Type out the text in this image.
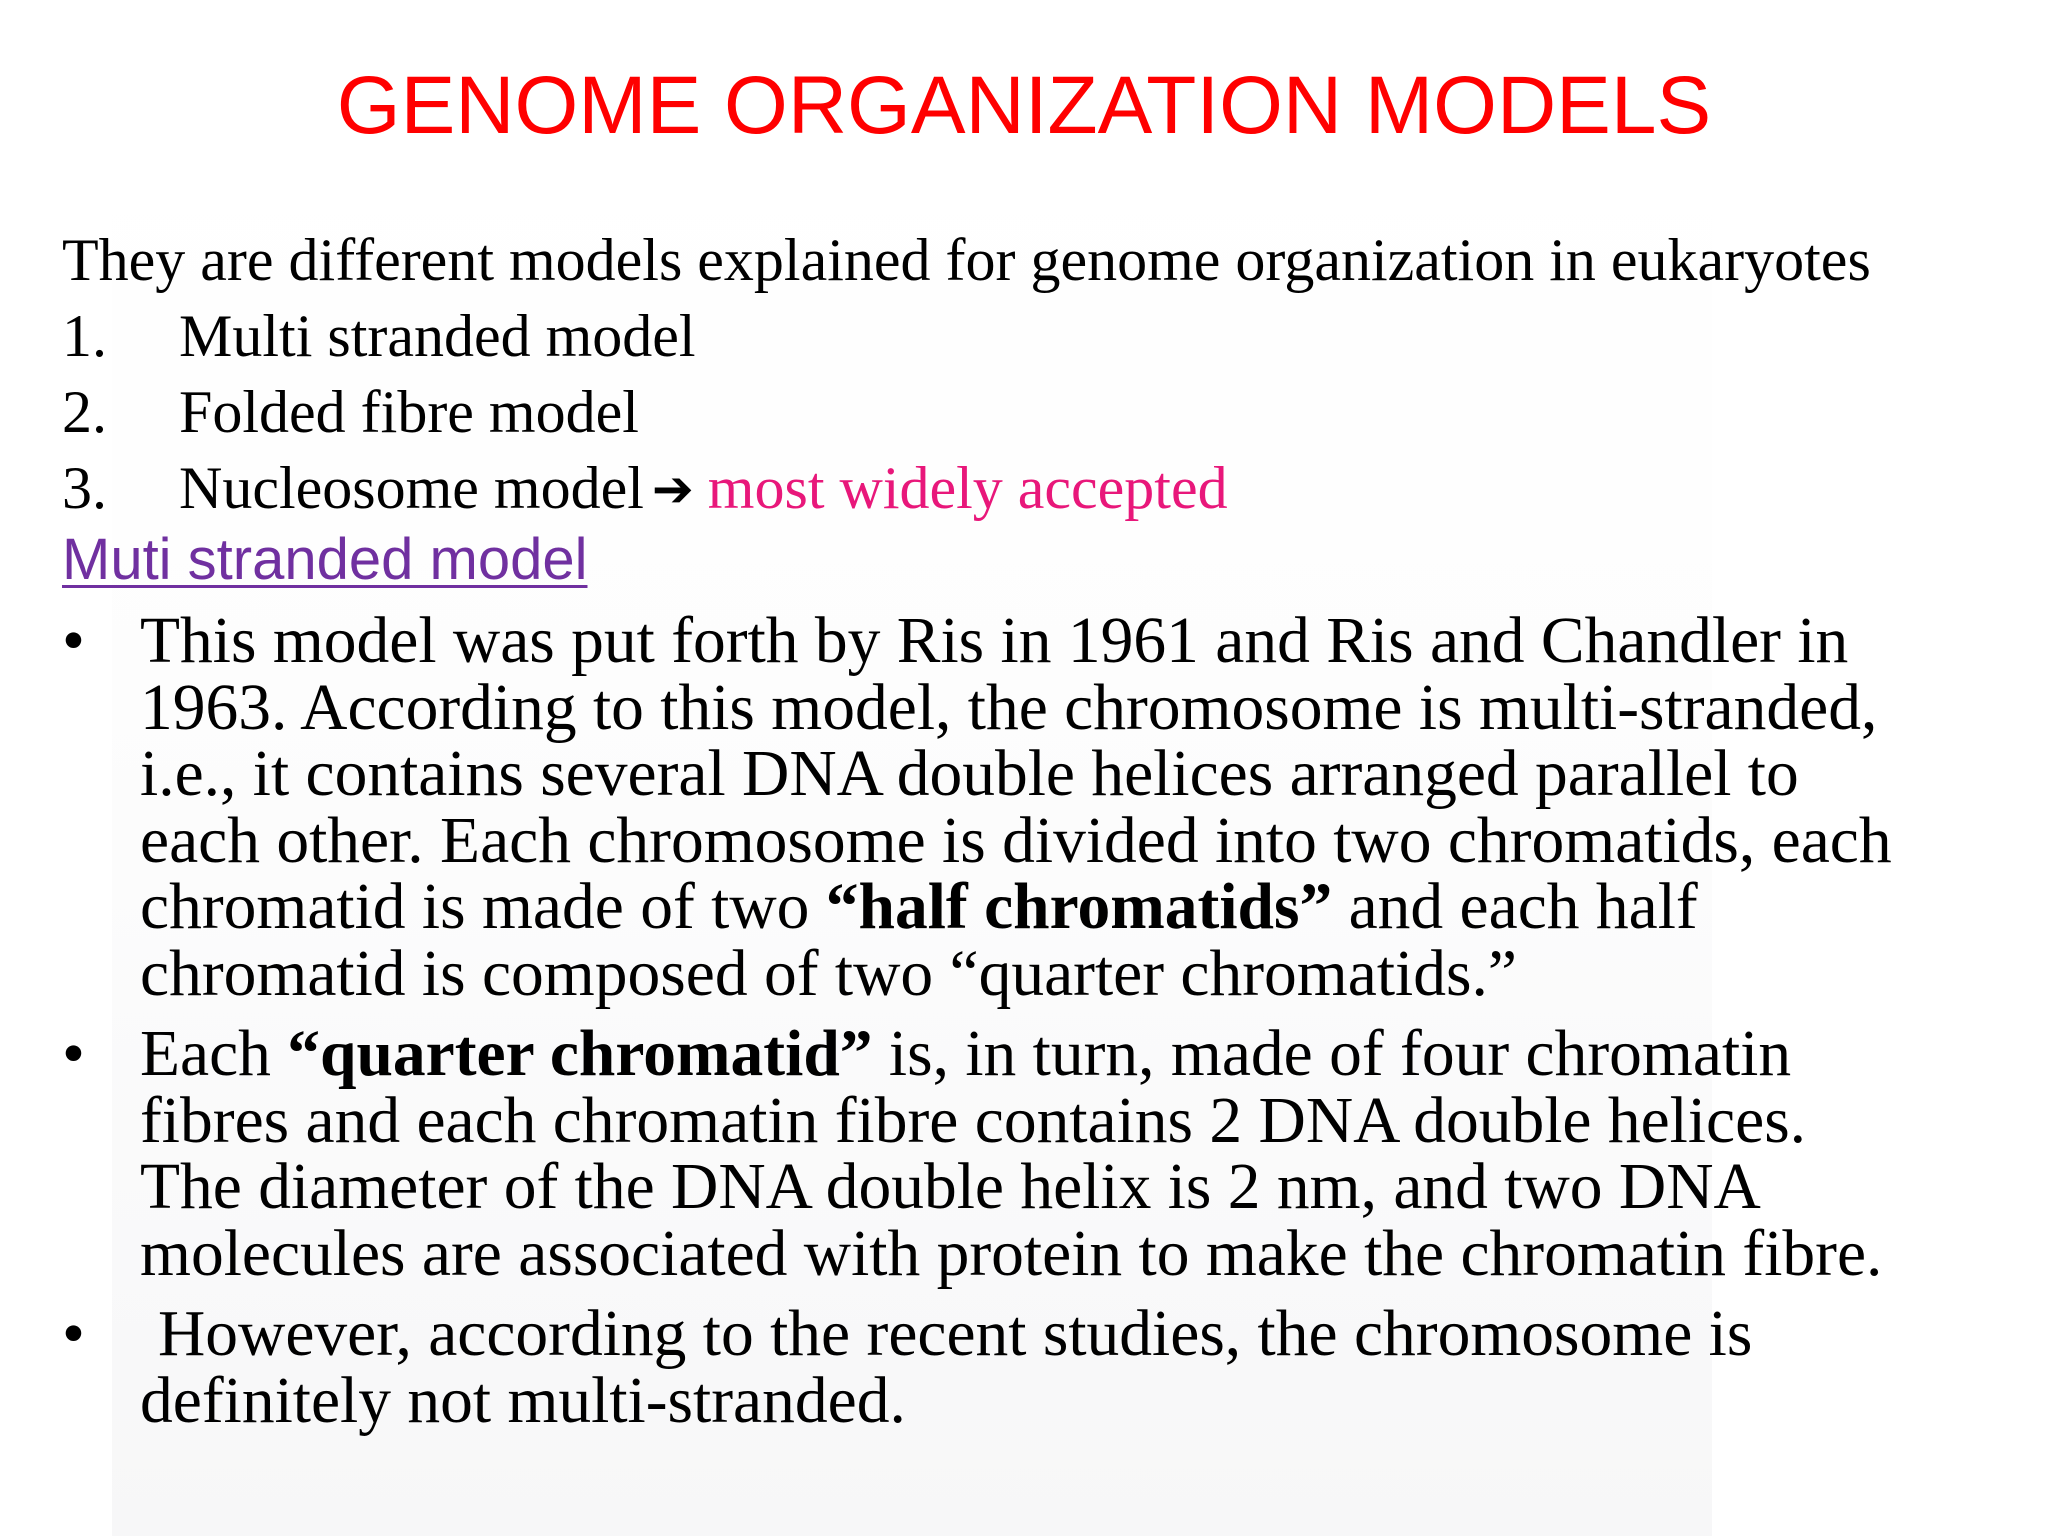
GENOME ORGANIZATION MODELS
They are different models explained for genome organization in eukaryotes
1. Multi stranded model
2. Folded fibre model
3. Nucleosome model ➔ most widely accepted
Muti stranded model
• This model was put forth by Ris in 1961 and Ris and Chandler in
1963. According to this model, the chromosome is multi-stranded,
i.e., it contains several DNA double helices arranged parallel to
each other. Each chromosome is divided into two chromatids, each
chromatid is made of two “half chromatids” and each half
chromatid is composed of two “quarter chromatids.”
• Each “quarter chromatid” is, in turn, made of four chromatin
fibres and each chromatin fibre contains 2 DNA double helices.
The diameter of the DNA double helix is 2 nm, and two DNA
molecules are associated with protein to make the chromatin fibre.
• However, according to the recent studies, the chromosome is
definitely not multi-stranded.
